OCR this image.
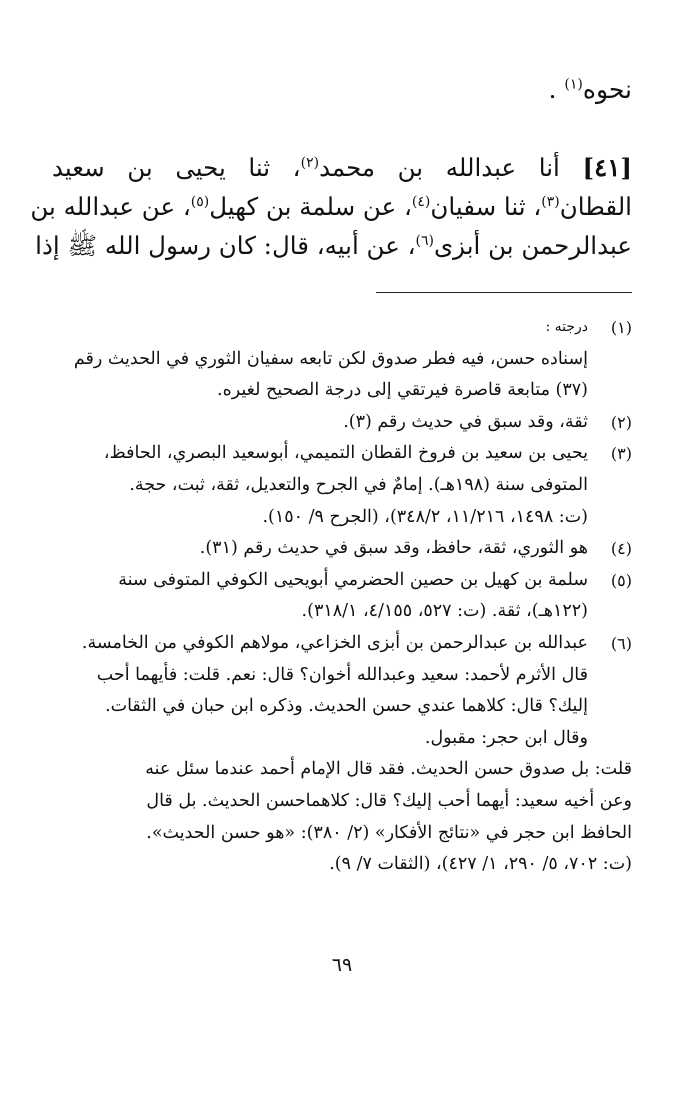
نحوه$^{(١)}$ .
[٤١] أنا عبدالله بن محمد$^{(٢)}$، ثنا يحيى بن سعيد
القطان$^{(٣)}$، ثنا سفيان$^{(٤)}$، عن سلمة بن كهيل$^{(٥)}$، عن عبدالله بن
عبدالرحمن بن أبزى$^{(٦)}$، عن أبيه، قال: كان رسول الله ﷺ إذا
(١)
درجته :
إسناده حسن، فيه فطر صدوق لكن تابعه سفيان الثوري في الحديث رقم
(٣٧) متابعة قاصرة فيرتقي إلى درجة الصحيح لغيره.
(٢)
ثقة، وقد سبق في حديث رقم (٣).
(٣)
يحيى بن سعيد بن فروخ القطان التميمي، أبوسعيد البصري، الحافظ،
المتوفى سنة (١٩٨هـ). إمامٌ في الجرح والتعديل، ثقة، ثبت، حجة.
(ت: ١٤٩٨، ١١/٢١٦، ٣٤٨/٢)، (الجرح ٩/ ١٥٠).
(٤)
هو الثوري، ثقة، حافظ، وقد سبق في حديث رقم (٣١).
(٥)
سلمة بن كهيل بن حصين الحضرمي أبويحيى الكوفي المتوفى سنة
(١٢٢هـ)، ثقة. (ت: ٥٢٧، ٤/١٥٥، ٣١٨/١).
(٦)
عبدالله بن عبدالرحمن بن أبزى الخزاعي، مولاهم الكوفي من الخامسة.
قال الأثرم لأحمد: سعيد وعبدالله أخوان؟ قال: نعم. قلت: فأيهما أحب
إليك؟ قال: كلاهما عندي حسن الحديث. وذكره ابن حبان في الثقات.
وقال ابن حجر: مقبول.
قلت: بل صدوق حسن الحديث. فقد قال الإمام أحمد عندما سئل عنه
وعن أخيه سعيد: أيهما أحب إليك؟ قال: كلاهماحسن الحديث. بل قال
الحافظ ابن حجر في «نتائج الأفكار» (٢/ ٣٨٠): «هو حسن الحديث».
(ت: ٧٠٢، ٥/ ٢٩٠، ١/ ٤٢٧)، (الثقات ٧/ ٩).
٦٩
